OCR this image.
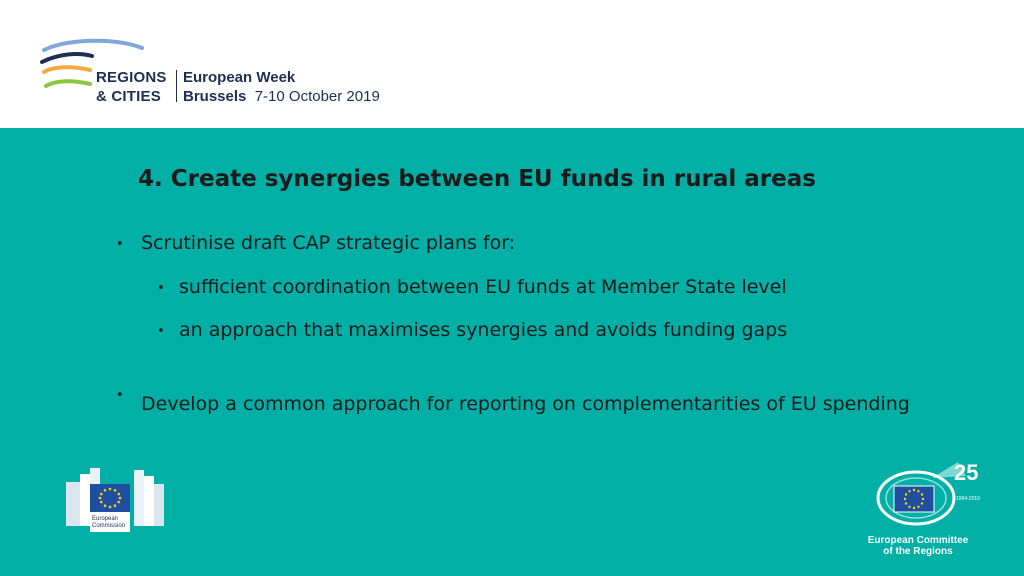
REGIONS
& CITIES
European Week
Brussels 7-10 October 2019
4. Create synergies between EU funds in rural areas
• Scrutinise draft CAP strategic plans for:
• sufficient coordination between EU funds at Member State level
• an approach that maximises synergies and avoids funding gaps
• Develop a common approach for reporting on complementarities of EU spending
European
Commission
25
1994-2019
European Committee
of the Regions
